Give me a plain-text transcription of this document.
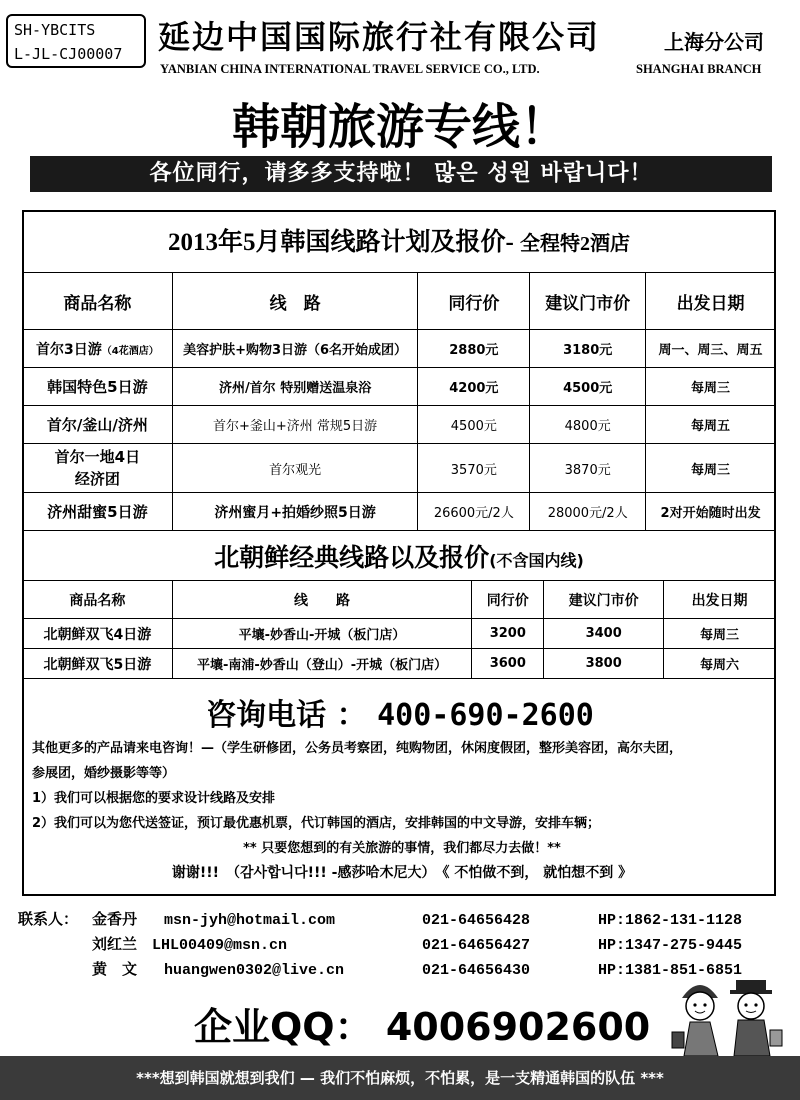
SH-YBCITS
L-JL-CJ00007	延边中国国际旅行社有限公司	上海分公司
YANBIAN CHINA INTERNATIONAL TRAVEL SERVICE CO., LTD.	SHANGHAI BRANCH
韩朝旅游专线！
各位同行，请多多支持啦！ 많은 성원 바랍니다！
2013年5月韩国线路计划及报价- 全程特2酒店
商品名称	线　路	同行价	建议门市价	出发日期
首尔3日游（4花酒店）	美容护肤+购物3日游（6名开始成团）	2880元	3180元	周一、周三、周五
韩国特色5日游	济州/首尔 特别赠送温泉浴	4200元	4500元	每周三
首尔/釜山/济州	首尔+釜山+济州 常规5日游	4500元	4800元	每周五

首尔一地4日
经济团	首尔观光	3570元	3870元	每周三
济州甜蜜5日游	济州蜜月+拍婚纱照5日游	26600元/2人	28000元/2人	2对开始随时出发
北朝鲜经典线路以及报价(不含国内线)
商品名称	线　　路	同行价	建议门市价	出发日期
北朝鲜双飞4日游	平壤-妙香山-开城（板门店）	3200	3400	每周三
北朝鲜双飞5日游	平壤-南浦-妙香山（登山）-开城（板门店）	3600	3800	每周六
咨询电话 ： 400-690-2600
其他更多的产品请来电咨询！—（学生研修团，公务员考察团，纯购物团，休闲度假团，整形美容团，高尔夫团，
参展团，婚纱摄影等等）
1）我们可以根据您的要求设计线路及安排
2）我们可以为您代送签证，预订最优惠机票，代订韩国的酒店，安排韩国的中文导游，安排车辆；
** 只要您想到的有关旅游的事情，我们都尽力去做！**
谢谢!!!　（감사합니다!!! -感莎哈木尼大）　《 不怕做不到， 就怕想不到 》
联系人： 金香丹 msn-jyh@hotmail.com	021-64656428	HP:1862-131-1128
刘红兰 LHL00409@msn.cn	021-64656427	HP:1347-275-9445
黄　文 huangwen0302@live.cn	021-64656430	HP:1381-851-6851
企业QQ： 4006902600
***想到韩国就想到我们 — 我们不怕麻烦，不怕累，是一支精通韩国的队伍 ***
